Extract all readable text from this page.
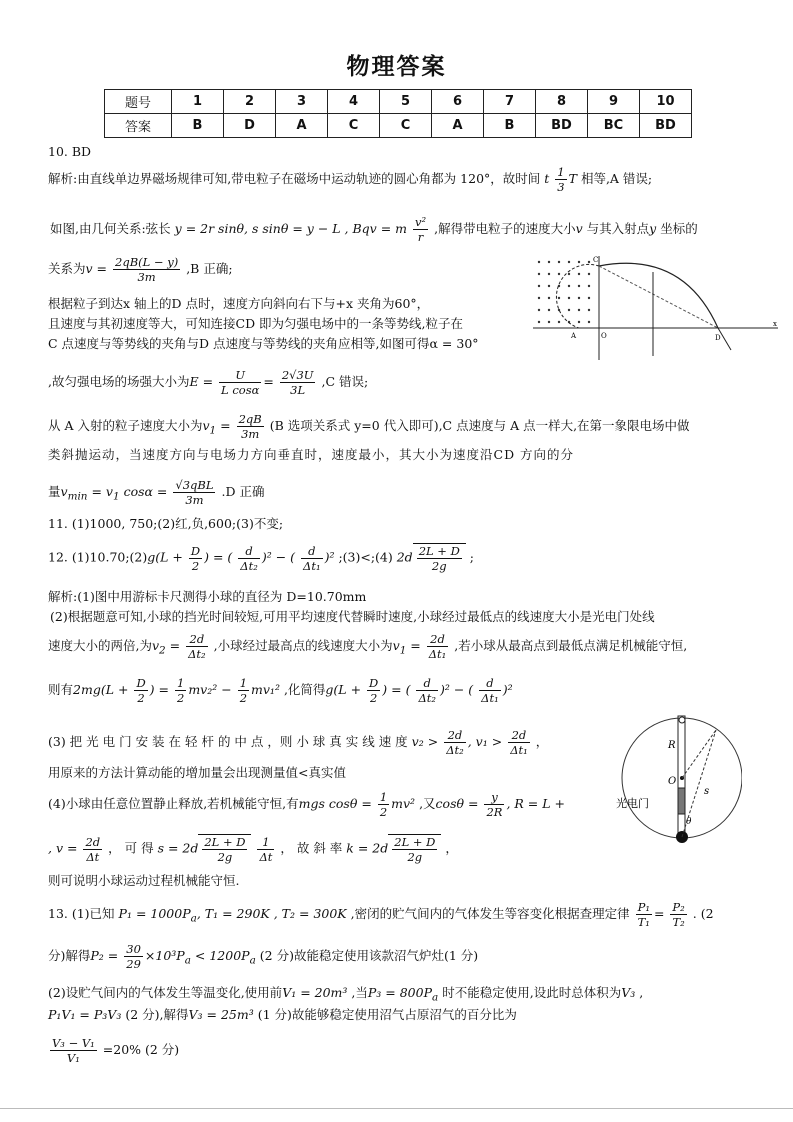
物理答案
题号	1	2	3	4	5	6	7	8	9	10
答案	B	D	A	C	C	A	B	BD	BC	BD
10. BD
解析:由直线单边界磁场规律可知,带电粒子在磁场中运动轨迹的圆心角都为 120°，故时间 t $\frac{1}{3}$ T 相等,A 错误;
如图,由几何关系:弦长 y = 2r sinθ, s sinθ = y − L , Bqv = m $\frac{\text{v²}}{r}$ ,解得带电粒子的速度大小v 与其入射点y 坐标的
关系为$v = \frac{2qB(L - y)}{3m} ,B$ 正确;
根据粒子到达x 轴上的D 点时，速度方向斜向右下与+x 夹角为60°，
且速度与其初速度等大，可知连接CD 即为匀强电场中的一条等势线,粒子在
C 点速度与等势线的夹角与D 点速度与等势线的夹角应相等,如图可得α = 30°
,故匀强电场的场强大小为$E = \frac{U}{\text{L cosα}} = \frac{2√3U}{3L} ,C$ 错误;
从 A 入射的粒子速度大小为$v_1 = \frac{2qB}{3m} (B$ 选项关系式 y=0 代入即可),C 点速度与 A 点一样大,在第一象限电场中做
类斜抛运动，当速度方向与电场力方向垂直时，速度最小，其大小为速度沿CD 方向的分
量$v_{min} = v_1$ $\cos\alpha = \frac{\text{√3qBL}}{3m} .D$ 正确
C
A	O	D
x
11. (1)1000, 750;(2)红,负,600;(3)不变;
12. (1)10.70;(2)g(L + $\frac{D}{2}$ ) = ( $\frac{d}{\text{Δt₂}} )^2$ − ( $\frac{d}{\text{Δt₁}} )^2$ ;(3)<;(4) $2d \frac{2L + D}{2g}$ ;
解析:(1)图中用游标卡尺测得小球的直径为 D=10.70mm
(2)根据题意可知,小球的挡光时间较短,可用平均速度代替瞬时速度,小球经过最低点的线速度大小是光电门处线
速度大小的两倍,为$v_2 = \frac{2d}{\text{Δt₂}}$ ,小球经过最高点的线速度大小为$v_1 = \frac{2d}{\text{Δt₁}}$ ,若小球从最高点到最低点满足机械能守恒,
则有$2mg(L + \frac{D}{2}$ ) = $\frac{1}{2} mv_2^2 - \frac{1}{2} mv_1^2$ ,化简得$g(L + \frac{D}{2}$ ) = ( $\frac{d}{\text{Δt₂}} )^2$ − ( $\frac{d}{\text{Δt₁}} )^2$
(3) 把 光 电 门 安 装 在 轻 杆 的 中 点 ，则 小 球 真 实 线 速 度 $v_2 > \frac{2d}{\text{Δt₂}}$ , $v_1 > \frac{2d}{\text{Δt₁}}$ ，
用原来的方法计算动能的增加量会出现测量值<真实值
(4)小球由任意位置静止释放,若机械能守恒,有mgs $\cos\theta = \frac{1}{2} mv^2$ ,又$\cos\theta = \frac{y}{2R}$ , R = L +
, $v = \frac{2d}{\Delta t}$ ， 可 得 $s = 2d \frac{2L + D}{2g}$
$\frac{1}{\Delta t}$ ， 故 斜 率 $k = 2d \frac{2L + D}{2g}$ ，
则可说明小球运动过程机械能守恒.
R
O
s
θ
光电门
13. (1)已知 $P_1 = 1000P_a$, T₁ = 290K , T₂ = 300K ,密闭的贮气间内的气体发生等容变化根据查理定律 $\frac{\text{P₁}}{\text{T₁}} = \frac{\text{P₂}}{\text{T₂}}$ . (2
分)解得$P_2 = \frac{30}{29} \times 10^3P_a < 1200P_a$ (2 分)故能稳定使用该款沼气炉灶(1 分)
(2)设贮气间内的气体发生等温变化,使用前V₁ = 20m³ ,当$P_3 = 800P_a$ 时不能稳定使用,设此时总体积为V₃ ,
P₁V₁ = P₃V₃ (2 分),解得V₃ = 25m³ (1 分)故能够稳定使用沼气占原沼气的百分比为
$\frac{\text{V₃ − V₁}}{\text{V₁}} =20\%$ (2 分)
